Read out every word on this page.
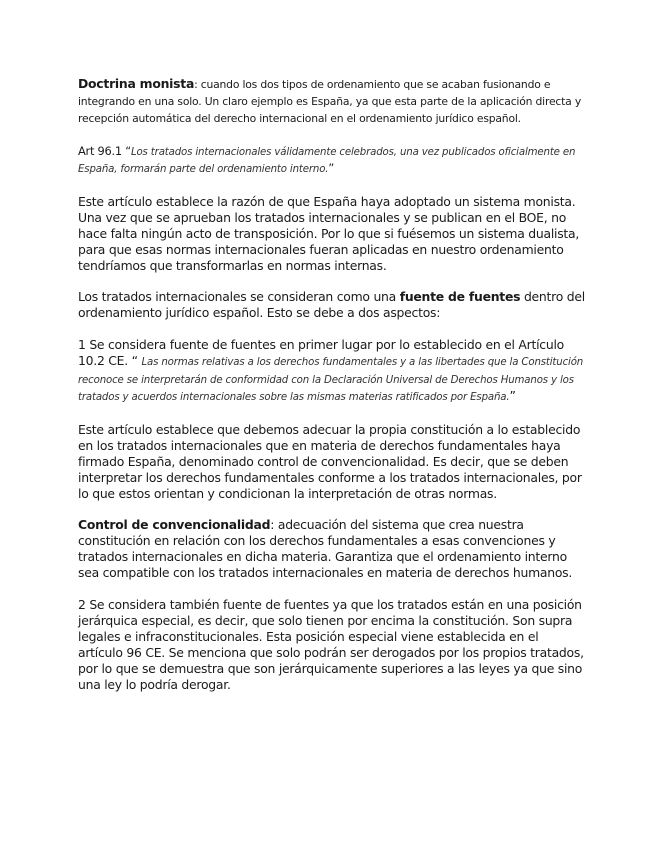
Doctrina monista: cuando los dos tipos de ordenamiento que se acaban fusionando e integrando en una solo. Un claro ejemplo es España, ya que esta parte de la aplicación directa y recepción automática del derecho internacional en el ordenamiento jurídico español.

Art 96.1 “Los tratados internacionales válidamente celebrados, una vez publicados oficialmente en España, formarán parte del ordenamiento interno.”

Este artículo establece la razón de que España haya adoptado un sistema monista. Una vez que se aprueban los tratados internacionales y se publican en el BOE, no hace falta ningún acto de transposición. Por lo que si fuésemos un sistema dualista, para que esas normas internacionales fueran aplicadas en nuestro ordenamiento tendríamos que transformarlas en normas internas.

Los tratados internacionales se consideran como una fuente de fuentes dentro del ordenamiento jurídico español. Esto se debe a dos aspectos:

1 Se considera fuente de fuentes en primer lugar por lo establecido en el Artículo 10.2 CE. “ Las normas relativas a los derechos fundamentales y a las libertades que la Constitución reconoce se interpretarán de conformidad con la Declaración Universal de Derechos Humanos y los tratados y acuerdos internacionales sobre las mismas materias ratificados por España.”

Este artículo establece que debemos adecuar la propia constitución a lo establecido en los tratados internacionales que en materia de derechos fundamentales haya firmado España, denominado control de convencionalidad. Es decir, que se deben interpretar los derechos fundamentales conforme a los tratados internacionales, por lo que estos orientan y condicionan la interpretación de otras normas.

Control de convencionalidad: adecuación del sistema que crea nuestra constitución en relación con los derechos fundamentales a esas convenciones y tratados internacionales en dicha materia. Garantiza que el ordenamiento interno sea compatible con los tratados internacionales en materia de derechos humanos.

2 Se considera también fuente de fuentes ya que los tratados están en una posición jerárquica especial, es decir, que solo tienen por encima la constitución. Son supra legales e infraconstitucionales. Esta posición especial viene establecida en el artículo 96 CE. Se menciona que solo podrán ser derogados por los propios tratados, por lo que se demuestra que son jerárquicamente superiores a las leyes ya que sino una ley lo podría derogar.
